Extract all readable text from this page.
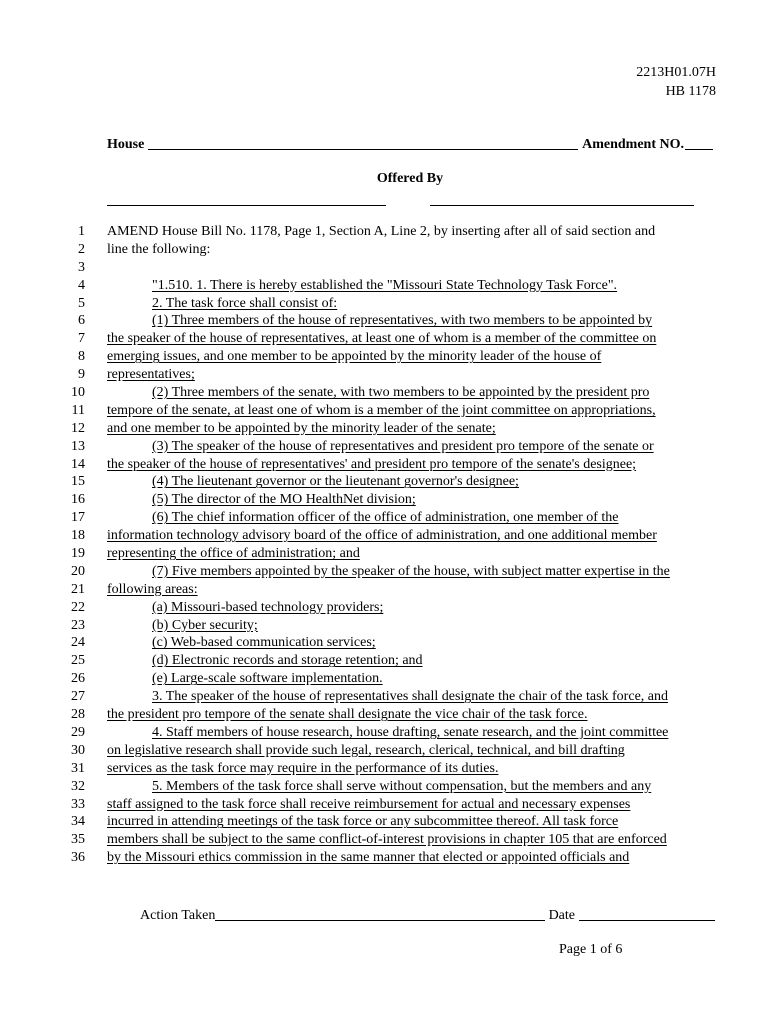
2213H01.07H
HB 1178
House	Amendment NO.
Offered By
1 AMEND House Bill No. 1178, Page 1, Section A, Line 2, by inserting after all of said section and
2 line the following:
3
4	"1.510. 1. There is hereby established the "Missouri State Technology Task Force".
5	2. The task force shall consist of:
6	(1) Three members of the house of representatives, with two members to be appointed by
7 the speaker of the house of representatives, at least one of whom is a member of the committee on
8 emerging issues, and one member to be appointed by the minority leader of the house of
9 representatives;
10	(2) Three members of the senate, with two members to be appointed by the president pro
11 tempore of the senate, at least one of whom is a member of the joint committee on appropriations,
12 and one member to be appointed by the minority leader of the senate;
13	(3) The speaker of the house of representatives and president pro tempore of the senate or
14 the speaker of the house of representatives' and president pro tempore of the senate's designee;
15	(4) The lieutenant governor or the lieutenant governor's designee;
16	(5) The director of the MO HealthNet division;
17	(6) The chief information officer of the office of administration, one member of the
18 information technology advisory board of the office of administration, and one additional member
19 representing the office of administration; and
20	(7) Five members appointed by the speaker of the house, with subject matter expertise in the
21 following areas:
22	(a) Missouri-based technology providers;
23	(b) Cyber security;
24	(c) Web-based communication services;
25	(d) Electronic records and storage retention; and
26	(e) Large-scale software implementation.
27	3. The speaker of the house of representatives shall designate the chair of the task force, and
28 the president pro tempore of the senate shall designate the vice chair of the task force.
29	4. Staff members of house research, house drafting, senate research, and the joint committee
30 on legislative research shall provide such legal, research, clerical, technical, and bill drafting
31 services as the task force may require in the performance of its duties.
32	5. Members of the task force shall serve without compensation, but the members and any
33 staff assigned to the task force shall receive reimbursement for actual and necessary expenses
34 incurred in attending meetings of the task force or any subcommittee thereof. All task force
35 members shall be subject to the same conflict-of-interest provisions in chapter 105 that are enforced
36 by the Missouri ethics commission in the same manner that elected or appointed officials and
Action Taken	Date
Page 1 of 6
